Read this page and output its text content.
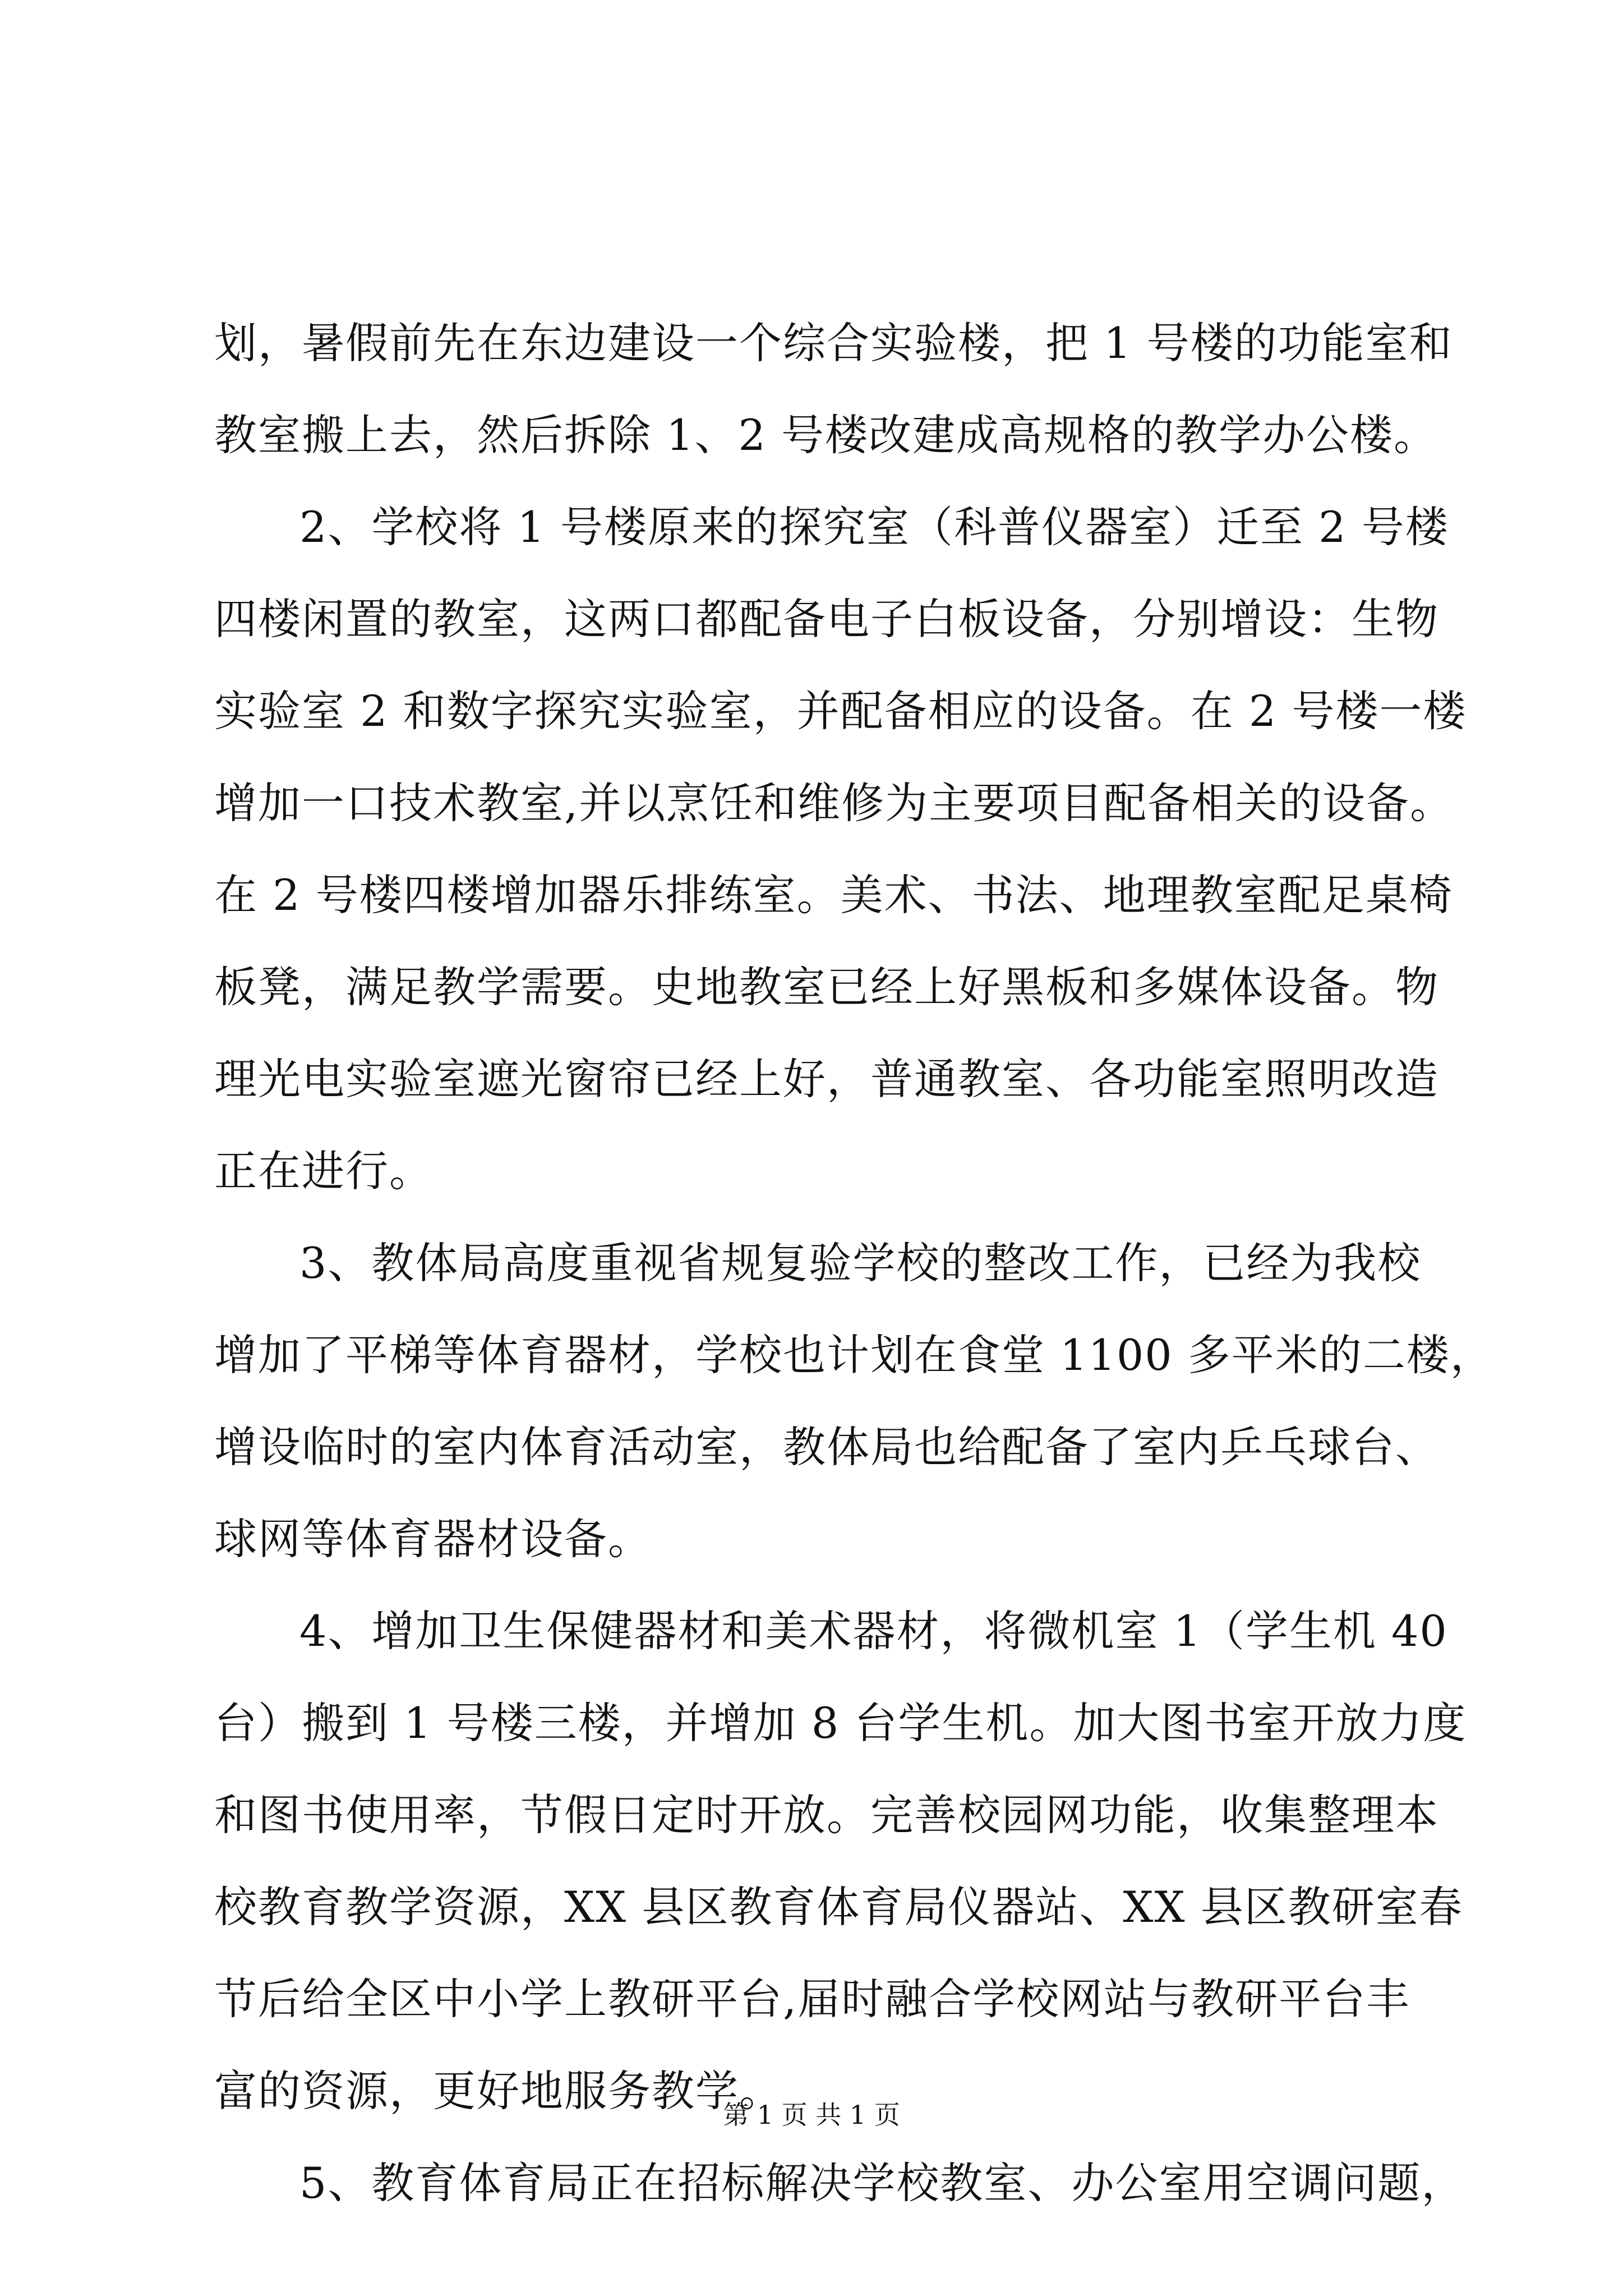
划，暑假前先在东边建设一个综合实验楼，把 1 号楼的功能室和
教室搬上去，然后拆除 1、2 号楼改建成高规格的教学办公楼。
2、学校将 1 号楼原来的探究室（科普仪器室）迁至 2 号楼
四楼闲置的教室，这两口都配备电子白板设备，分别增设：生物
实验室 2 和数字探究实验室，并配备相应的设备。在 2 号楼一楼
增加一口技术教室,并以烹饪和维修为主要项目配备相关的设备。
在 2 号楼四楼增加器乐排练室。美术、书法、地理教室配足桌椅
板凳，满足教学需要。史地教室已经上好黑板和多媒体设备。物
理光电实验室遮光窗帘已经上好，普通教室、各功能室照明改造
正在进行。
3、教体局高度重视省规复验学校的整改工作，已经为我校
增加了平梯等体育器材，学校也计划在食堂 1100 多平米的二楼，
增设临时的室内体育活动室，教体局也给配备了室内乒乓球台、
球网等体育器材设备。
4、增加卫生保健器材和美术器材，将微机室 1（学生机 40
台）搬到 1 号楼三楼，并增加 8 台学生机。加大图书室开放力度
和图书使用率，节假日定时开放。完善校园网功能，收集整理本
校教育教学资源，XX 县区教育体育局仪器站、XX 县区教研室春
节后给全区中小学上教研平台,届时融合学校网站与教研平台丰
富的资源，更好地服务教学。
5、教育体育局正在招标解决学校教室、办公室用空调问题，
第 1 页 共 1 页
